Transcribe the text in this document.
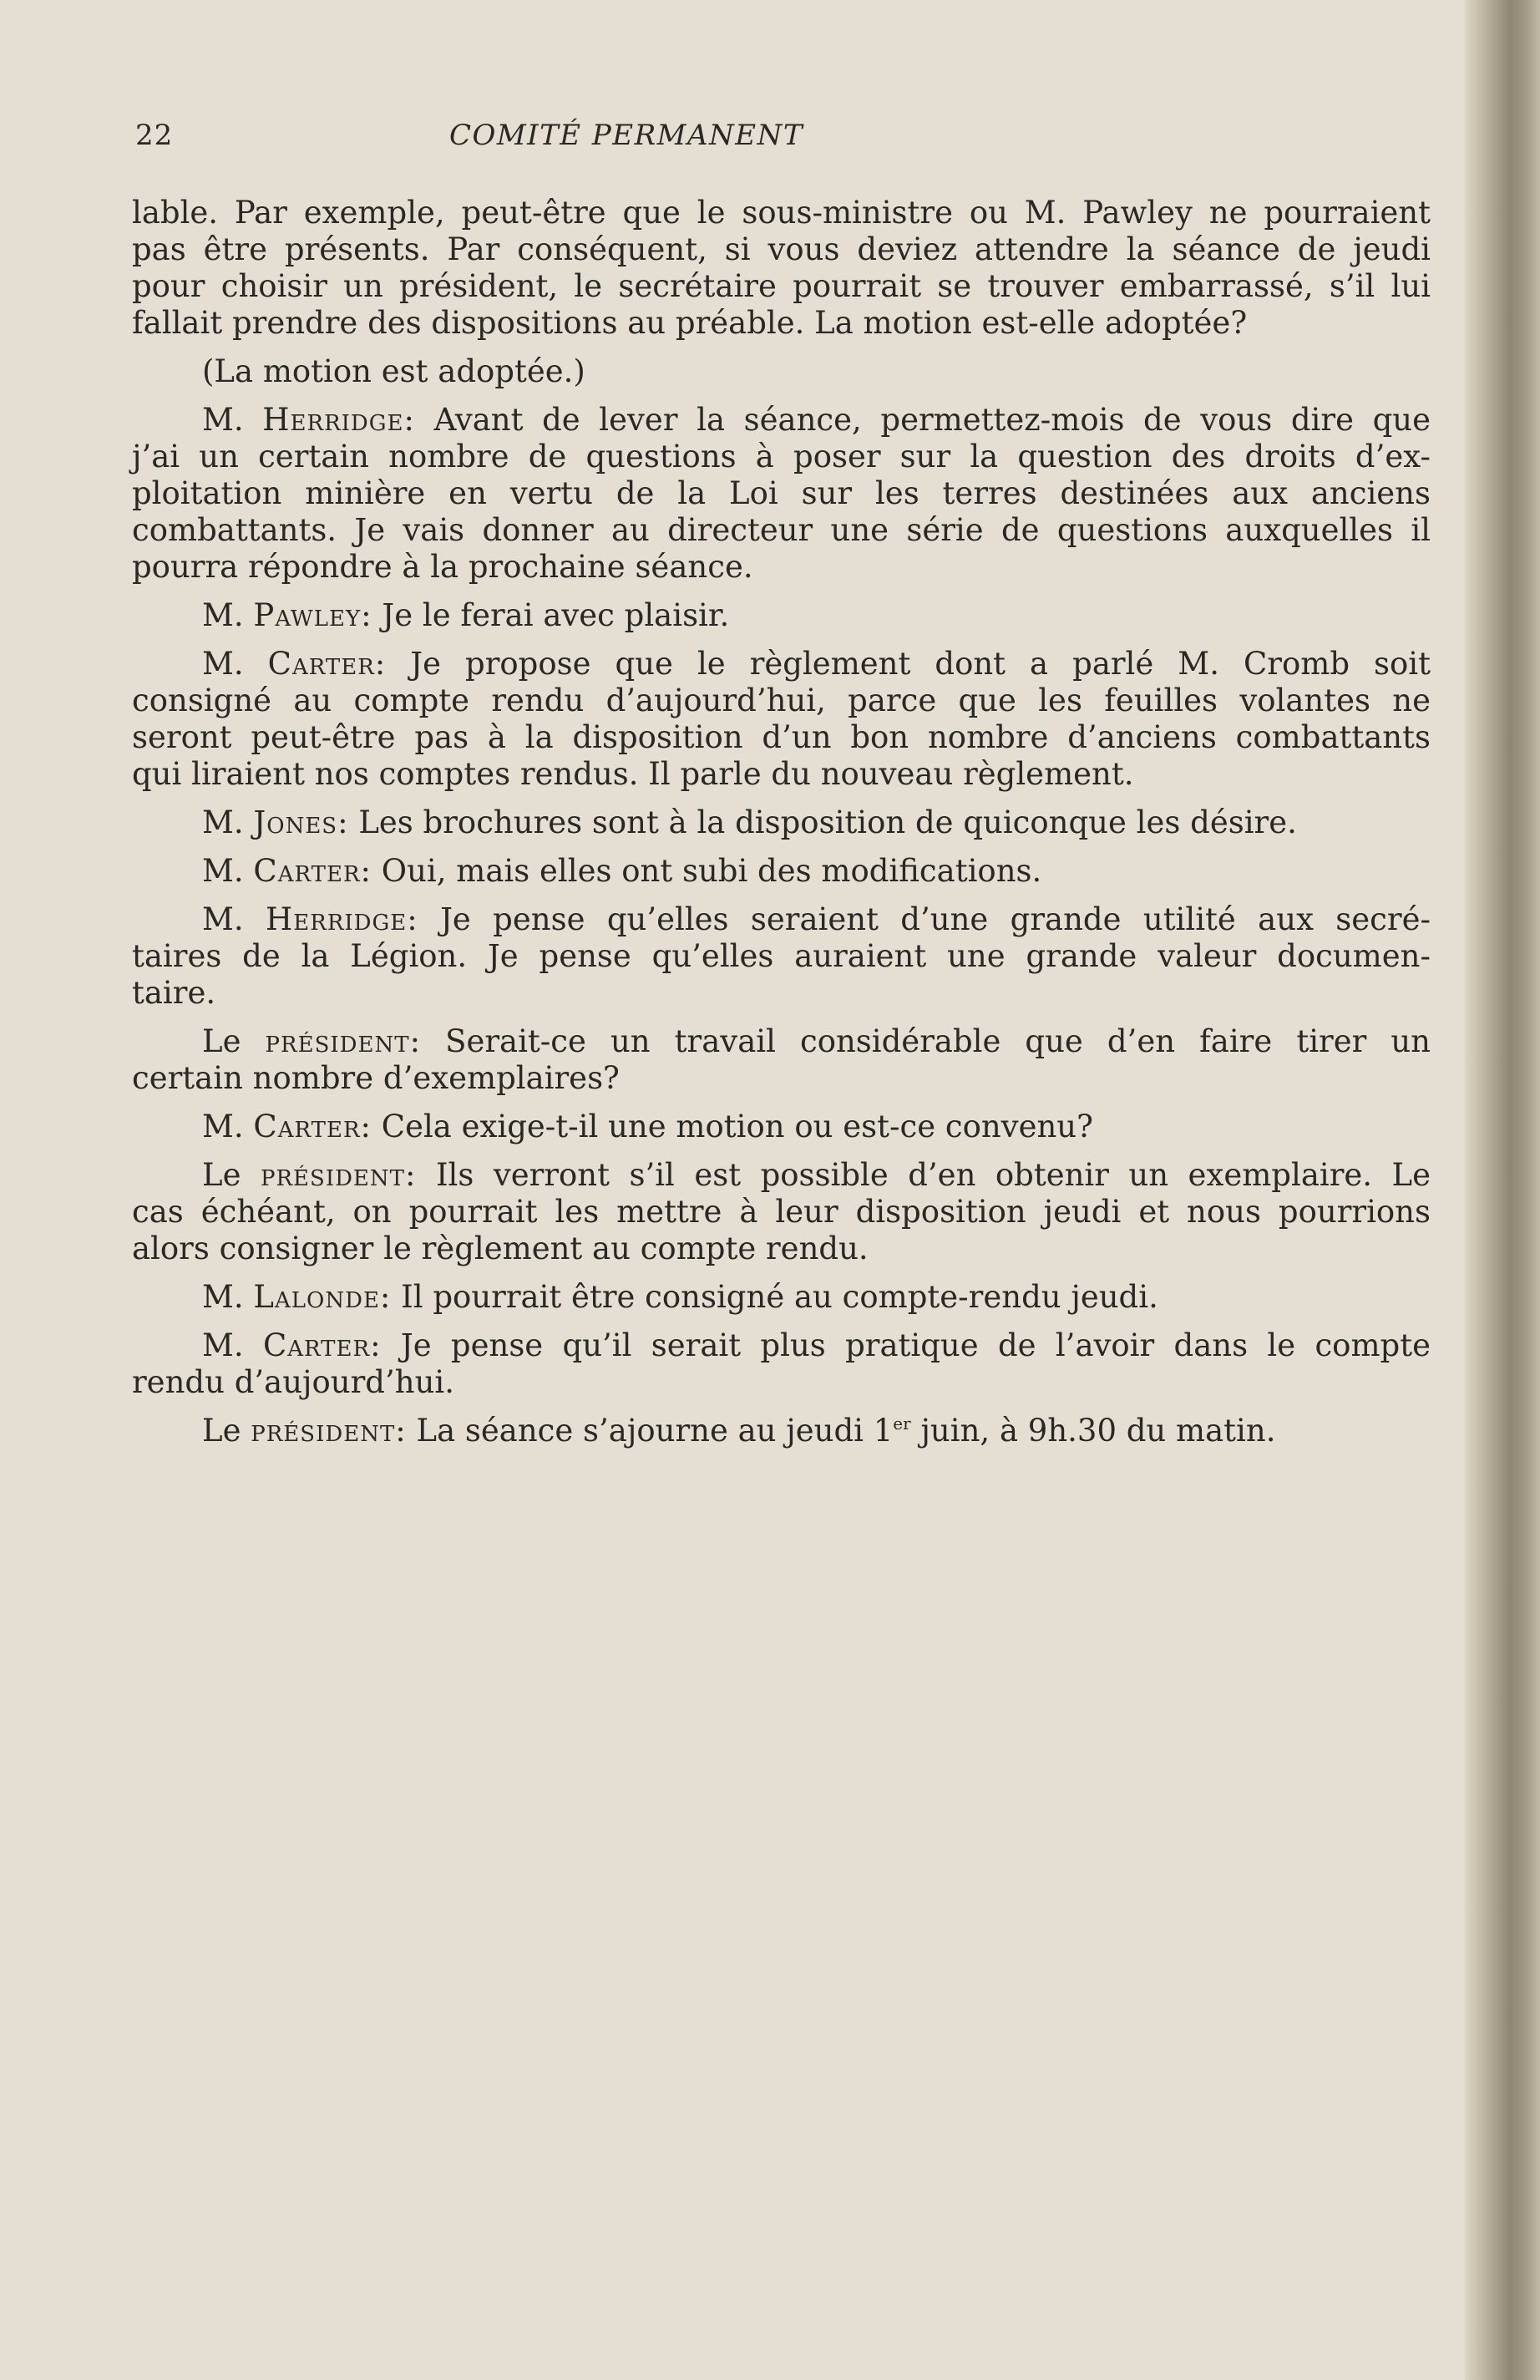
22	COMITÉ PERMANENT
lable. Par exemple, peut-être que le sous-ministre ou M. Pawley ne pourraient
pas être présents. Par conséquent, si vous deviez attendre la séance de jeudi
pour choisir un président, le secrétaire pourrait se trouver embarrassé, s’il lui
fallait prendre des dispositions au préable. La motion est-elle adoptée?
(La motion est adoptée.)
M. Herridge: Avant de lever la séance, permettez-mois de vous dire que
j’ai un certain nombre de questions à poser sur la question des droits d’ex-
ploitation minière en vertu de la Loi sur les terres destinées aux anciens
combattants. Je vais donner au directeur une série de questions auxquelles il
pourra répondre à la prochaine séance.
M. Pawley: Je le ferai avec plaisir.
M. Carter: Je propose que le règlement dont a parlé M. Cromb soit
consigné au compte rendu d’aujourd’hui, parce que les feuilles volantes ne
seront peut-être pas à la disposition d’un bon nombre d’anciens combattants
qui liraient nos comptes rendus. Il parle du nouveau règlement.
M. Jones: Les brochures sont à la disposition de quiconque les désire.
M. Carter: Oui, mais elles ont subi des modifications.
M. Herridge: Je pense qu’elles seraient d’une grande utilité aux secré-
taires de la Légion. Je pense qu’elles auraient une grande valeur documen-
taire.
Le président: Serait-ce un travail considérable que d’en faire tirer un
certain nombre d’exemplaires?
M. Carter: Cela exige-t-il une motion ou est-ce convenu?
Le président: Ils verront s’il est possible d’en obtenir un exemplaire. Le
cas échéant, on pourrait les mettre à leur disposition jeudi et nous pourrions
alors consigner le règlement au compte rendu.
M. Lalonde: Il pourrait être consigné au compte-rendu jeudi.
M. Carter: Je pense qu’il serait plus pratique de l’avoir dans le compte
rendu d’aujourd’hui.
Le président: La séance s’ajourne au jeudi 1er juin, à 9h.30 du matin.
